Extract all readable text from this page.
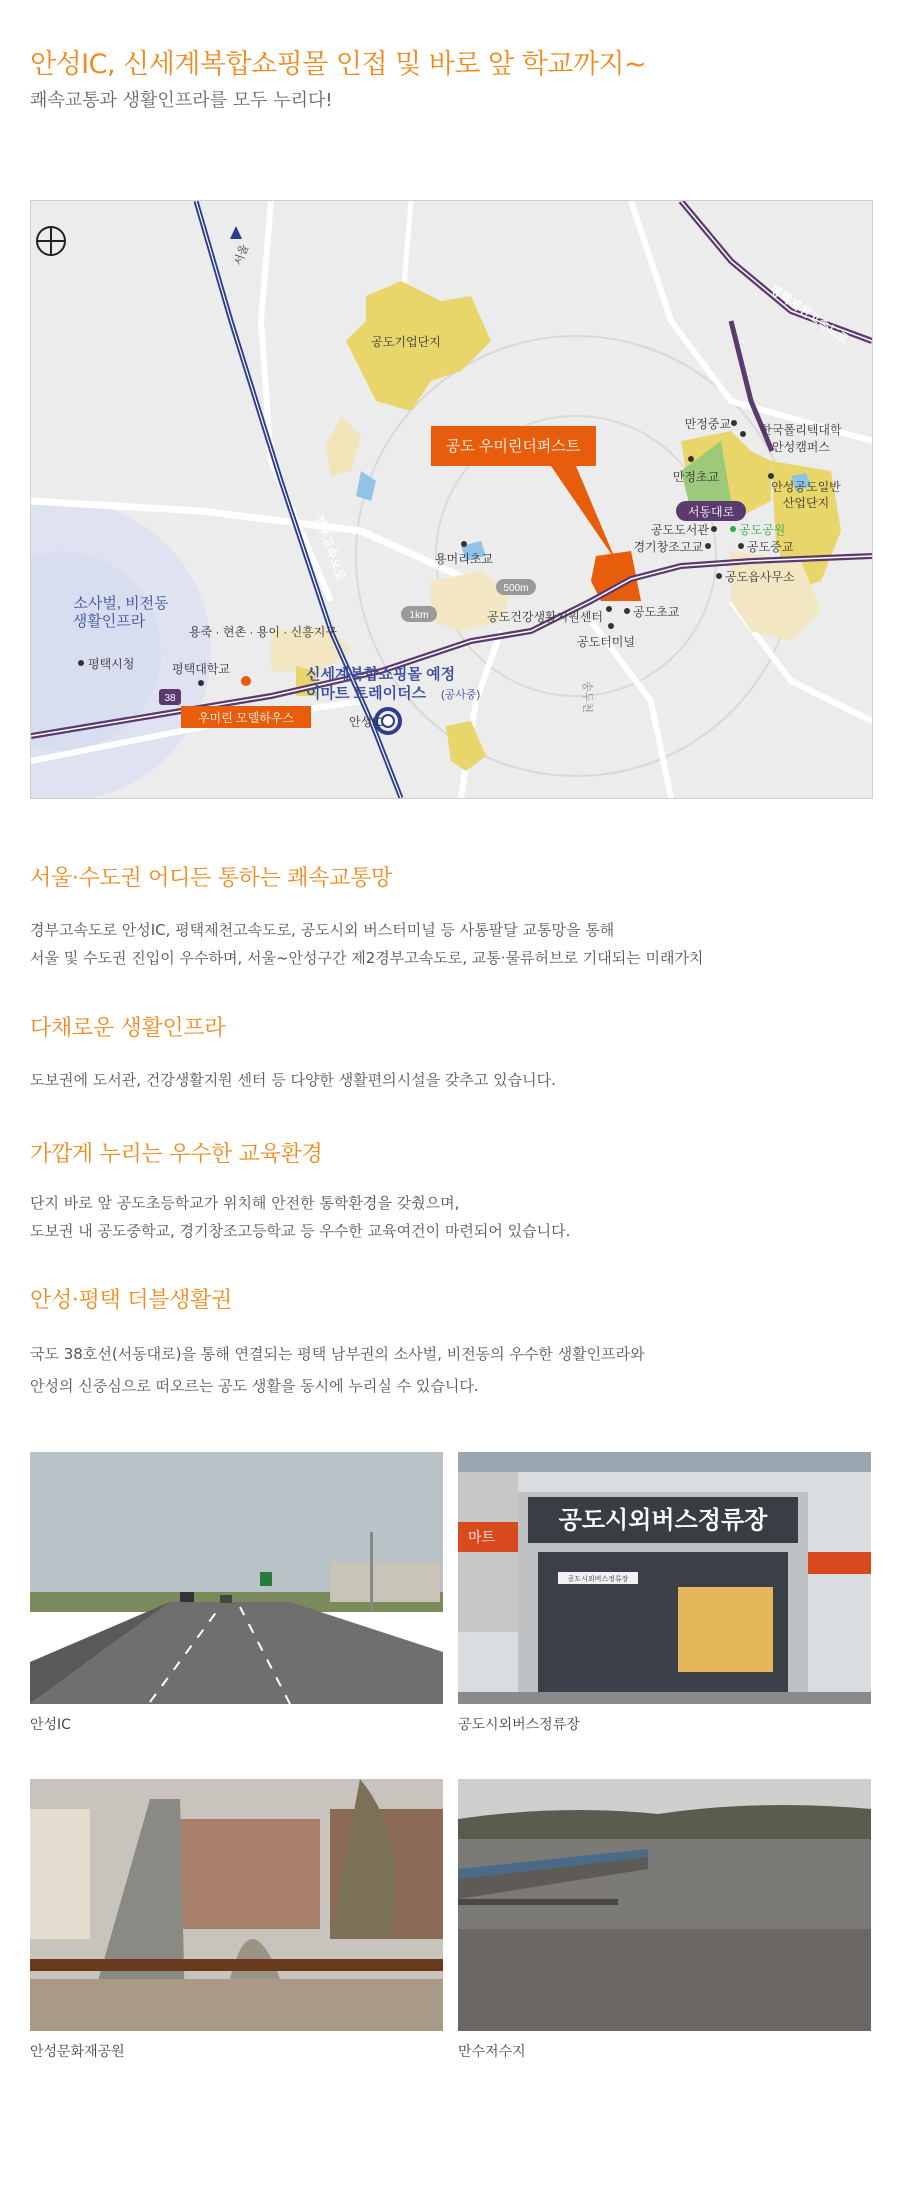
안성IC, 신세계복합쇼핑몰 인접 및 바로 앞 학교까지~
쾌속교통과 생활인프라를 모두 누리다!
공도 우미린더퍼스트
서울
경부고속도로
평택제천고속도로
서동대로
공도기업단지
만정중교 한국폴리텍대학
안성캠퍼스
만정초교
안성공도일반
산업단지
공도도서관	공도공원
경기창조고교	공도중교
공도읍사무소
용머리초교
500m
1km	공도건강생활지원센터	공도초교
공도터미널
송두천
소사벌, 비전동
생활인프라
평택시청
용죽 · 현촌 · 용이 · 신흥지구
평택대학교	신세계복합쇼핑몰 예정
이마트 트레이더스 (공사중)
38
우미린 모델하우스	안성IC
서울·수도권 어디든 통하는 쾌속교통망
경부고속도로 안성IC, 평택제천고속도로, 공도시외 버스터미널 등 사통팔달 교통망을 통해
서울 및 수도권 진입이 우수하며, 서울~안성구간 제2경부고속도로, 교통·물류허브로 기대되는 미래가치
다채로운 생활인프라
도보권에 도서관, 건강생활지원 센터 등 다양한 생활편의시설을 갖추고 있습니다.
가깝게 누리는 우수한 교육환경
단지 바로 앞 공도초등학교가 위치해 안전한 통학환경을 갖췄으며,
도보권 내 공도중학교, 경기창조고등학교 등 우수한 교육여건이 마련되어 있습니다.
안성·평택 더블생활권
국도 38호선(서동대로)을 통해 연결되는 평택 남부권의 소사벌, 비전동의 우수한 생활인프라와
안성의 신중심으로 떠오르는 공도 생활을 동시에 누리실 수 있습니다.
안성IC
마트
공도시외버스정류장
공도시외버스정류장
공도시외버스정류장
안성문화재공원	만수저수지
